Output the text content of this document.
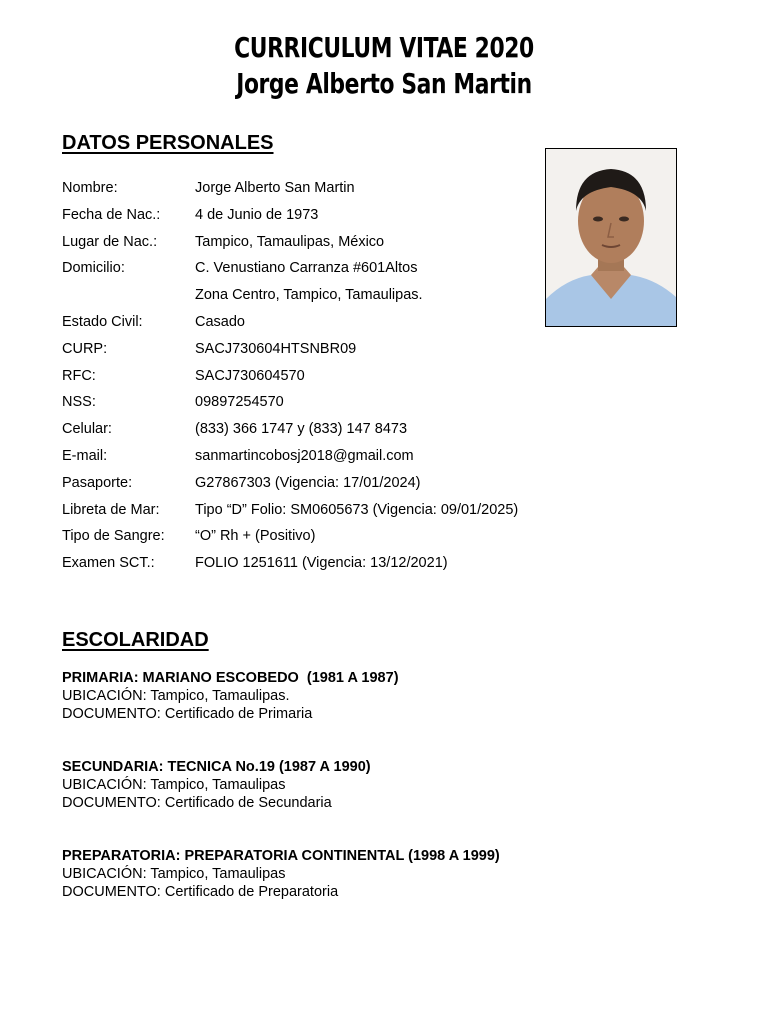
CURRICULUM VITAE 2020
Jorge Alberto San Martin
DATOS PERSONALES
Nombre:	Jorge Alberto San Martin
Fecha de Nac.:	4 de Junio de 1973
Lugar de Nac.:	Tampico, Tamaulipas, México
Domicilio:	C. Venustiano Carranza #601Altos
Zona Centro, Tampico, Tamaulipas.
Estado Civil:	Casado
CURP:	SACJ730604HTSNBR09
RFC:	SACJ730604570
NSS:	09897254570
Celular:	(833) 366 1747 y (833) 147 8473
E-mail:	sanmartincobosj2018@gmail.com
Pasaporte:	G27867303 (Vigencia: 17/01/2024)
Libreta de Mar:	Tipo “D” Folio: SM0605673 (Vigencia: 09/01/2025)
Tipo de Sangre:	“O” Rh + (Positivo)
Examen SCT.:	FOLIO 1251611 (Vigencia: 13/12/2021)
ESCOLARIDAD
PRIMARIA: MARIANO ESCOBEDO  (1981 A 1987)
UBICACIÓN: Tampico, Tamaulipas.
DOCUMENTO: Certificado de Primaria
SECUNDARIA: TECNICA No.19 (1987 A 1990)
UBICACIÓN: Tampico, Tamaulipas
DOCUMENTO: Certificado de Secundaria
PREPARATORIA: PREPARATORIA CONTINENTAL (1998 A 1999)
UBICACIÓN: Tampico, Tamaulipas
DOCUMENTO: Certificado de Preparatoria
